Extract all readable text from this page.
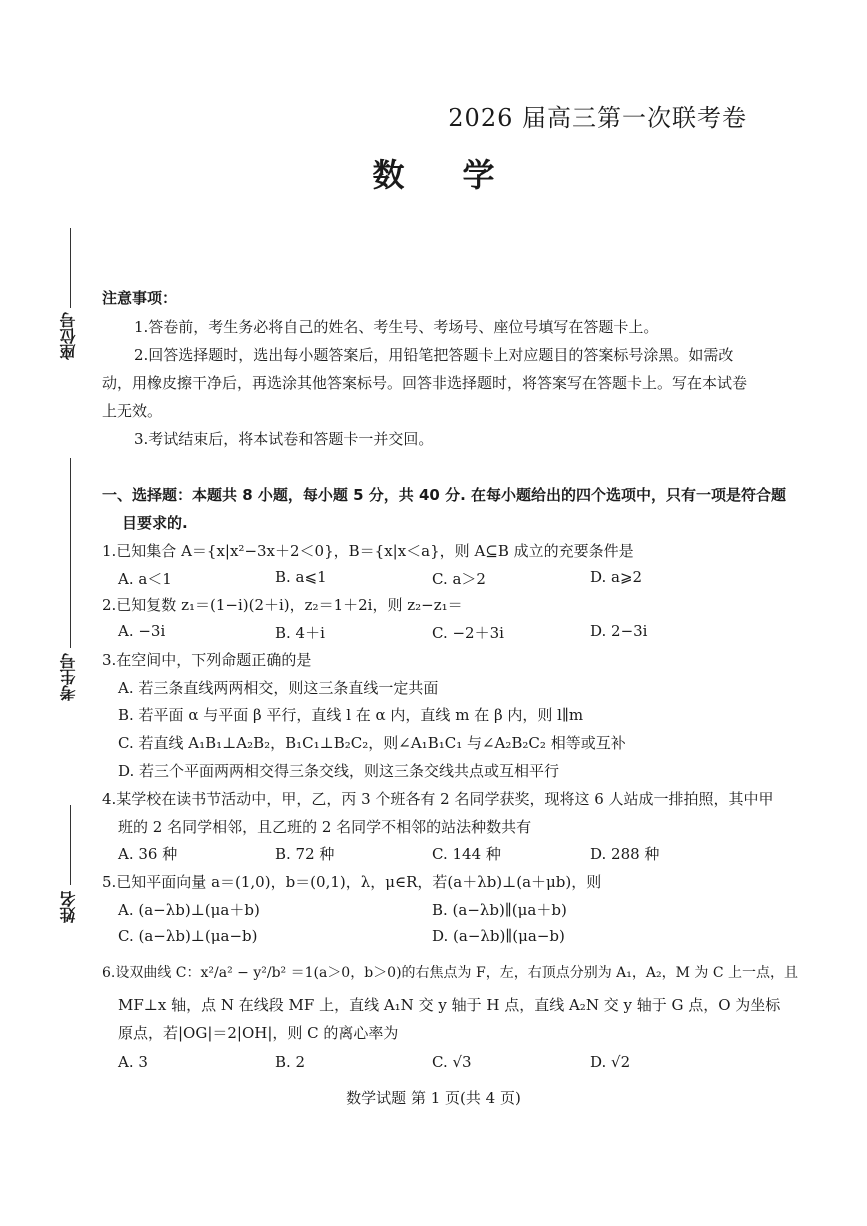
2026 届高三第一次联考卷
数学
座位号
考生号
姓名
注意事项：
1.答卷前，考生务必将自己的姓名、考生号、考场号、座位号填写在答题卡上。
2.回答选择题时，选出每小题答案后，用铅笔把答题卡上对应题目的答案标号涂黑。如需改
动，用橡皮擦干净后，再选涂其他答案标号。回答非选择题时，将答案写在答题卡上。写在本试卷
上无效。
3.考试结束后，将本试卷和答题卡一并交回。
一、选择题：本题共 8 小题，每小题 5 分，共 40 分. 在每小题给出的四个选项中，只有一项是符合题
目要求的.
1.已知集合 A＝{x|x²−3x＋2＜0}，B＝{x|x＜a}，则 A⊆B 成立的充要条件是
A. a＜1	B. a⩽1	C. a＞2	D. a⩾2
2.已知复数 z₁＝(1−i)(2＋i)，z₂＝1＋2i，则 z₂−z₁＝
A. −3i	B. 4＋i	C. −2＋3i	D. 2−3i
3.在空间中，下列命题正确的是
A. 若三条直线两两相交，则这三条直线一定共面
B. 若平面 α 与平面 β 平行，直线 l 在 α 内，直线 m 在 β 内，则 l∥m
C. 若直线 A₁B₁⊥A₂B₂，B₁C₁⊥B₂C₂，则∠A₁B₁C₁ 与∠A₂B₂C₂ 相等或互补
D. 若三个平面两两相交得三条交线，则这三条交线共点或互相平行
4.某学校在读书节活动中，甲，乙，丙 3 个班各有 2 名同学获奖，现将这 6 人站成一排拍照，其中甲
班的 2 名同学相邻，且乙班的 2 名同学不相邻的站法种数共有
A. 36 种	B. 72 种	C. 144 种	D. 288 种
5.已知平面向量 a＝(1,0)，b＝(0,1)，λ，μ∈R，若(a＋λb)⊥(a＋μb)，则
A. (a−λb)⊥(μa＋b)	B. (a−λb)∥(μa＋b)
C. (a−λb)⊥(μa−b)	D. (a−λb)∥(μa−b)
6.设双曲线 C：x²/a² − y²/b² ＝1(a＞0，b＞0)的右焦点为 F，左，右顶点分别为 A₁，A₂，M 为 C 上一点，且
MF⊥x 轴，点 N 在线段 MF 上，直线 A₁N 交 y 轴于 H 点，直线 A₂N 交 y 轴于 G 点，O 为坐标
原点，若|OG|＝2|OH|，则 C 的离心率为
A. 3	B. 2	C. √3	D. √2
数学试题 第 1 页(共 4 页)
